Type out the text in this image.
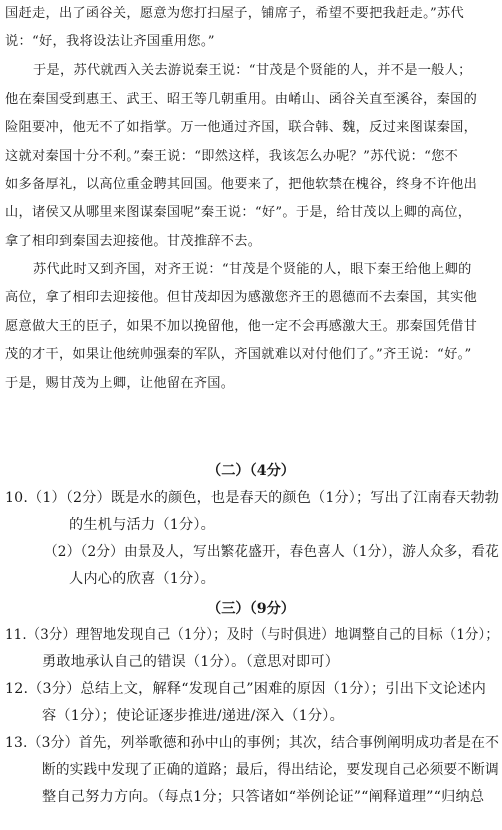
国赶走，出了函谷关，愿意为您打扫屋子，铺席子，希望不要把我赶走。”苏代
说：“好，我将设法让齐国重用您。”
于是，苏代就西入关去游说秦王说：“甘茂是个贤能的人，并不是一般人；
他在秦国受到惠王、武王、昭王等几朝重用。由崤山、函谷关直至溪谷，秦国的
险阻要冲，他无不了如指掌。万一他通过齐国，联合韩、魏，反过来图谋秦国，
这就对秦国十分不利。”秦王说：“即然这样，我该怎么办呢？”苏代说：“您不
如多备厚礼，以高位重金聘其回国。他要来了，把他软禁在槐谷，终身不许他出
山，诸侯又从哪里来图谋秦国呢”秦王说：“好”。于是，给甘茂以上卿的高位，
拿了相印到秦国去迎接他。甘茂推辞不去。
苏代此时又到齐国，对齐王说：“甘茂是个贤能的人，眼下秦王给他上卿的
高位，拿了相印去迎接他。但甘茂却因为感激您齐王的恩德而不去秦国，其实他
愿意做大王的臣子，如果不加以挽留他，他一定不会再感激大王。那秦国凭借甘
茂的才干，如果让他统帅强秦的军队，齐国就难以对付他们了。”齐王说：“好。”
于是，赐甘茂为上卿，让他留在齐国。
（二）（4分）
10.（1）（2分）既是水的颜色，也是春天的颜色（1分）；写出了江南春天勃勃
的生机与活力（1分）。
（2）（2分）由景及人，写出繁花盛开，春色喜人（1分），游人众多，看花
人内心的欣喜（1分）。
（三）（9分）
11.（3分）理智地发现自己（1分）；及时（与时俱进）地调整自己的目标（1分）；
勇敢地承认自己的错误（1分）。（意思对即可）
12.（3分）总结上文，解释“发现自己”困难的原因（1分）；引出下文论述内
容（1分）；使论证逐步推进/递进/深入（1分）。
13.（3分）首先，列举歌德和孙中山的事例；其次，结合事例阐明成功者是在不
断的实践中发现了正确的道路；最后，得出结论，要发现自己必须要不断调
整自己努力方向。（每点1分；只答诸如“举例论证”“阐释道理”“归纳总
